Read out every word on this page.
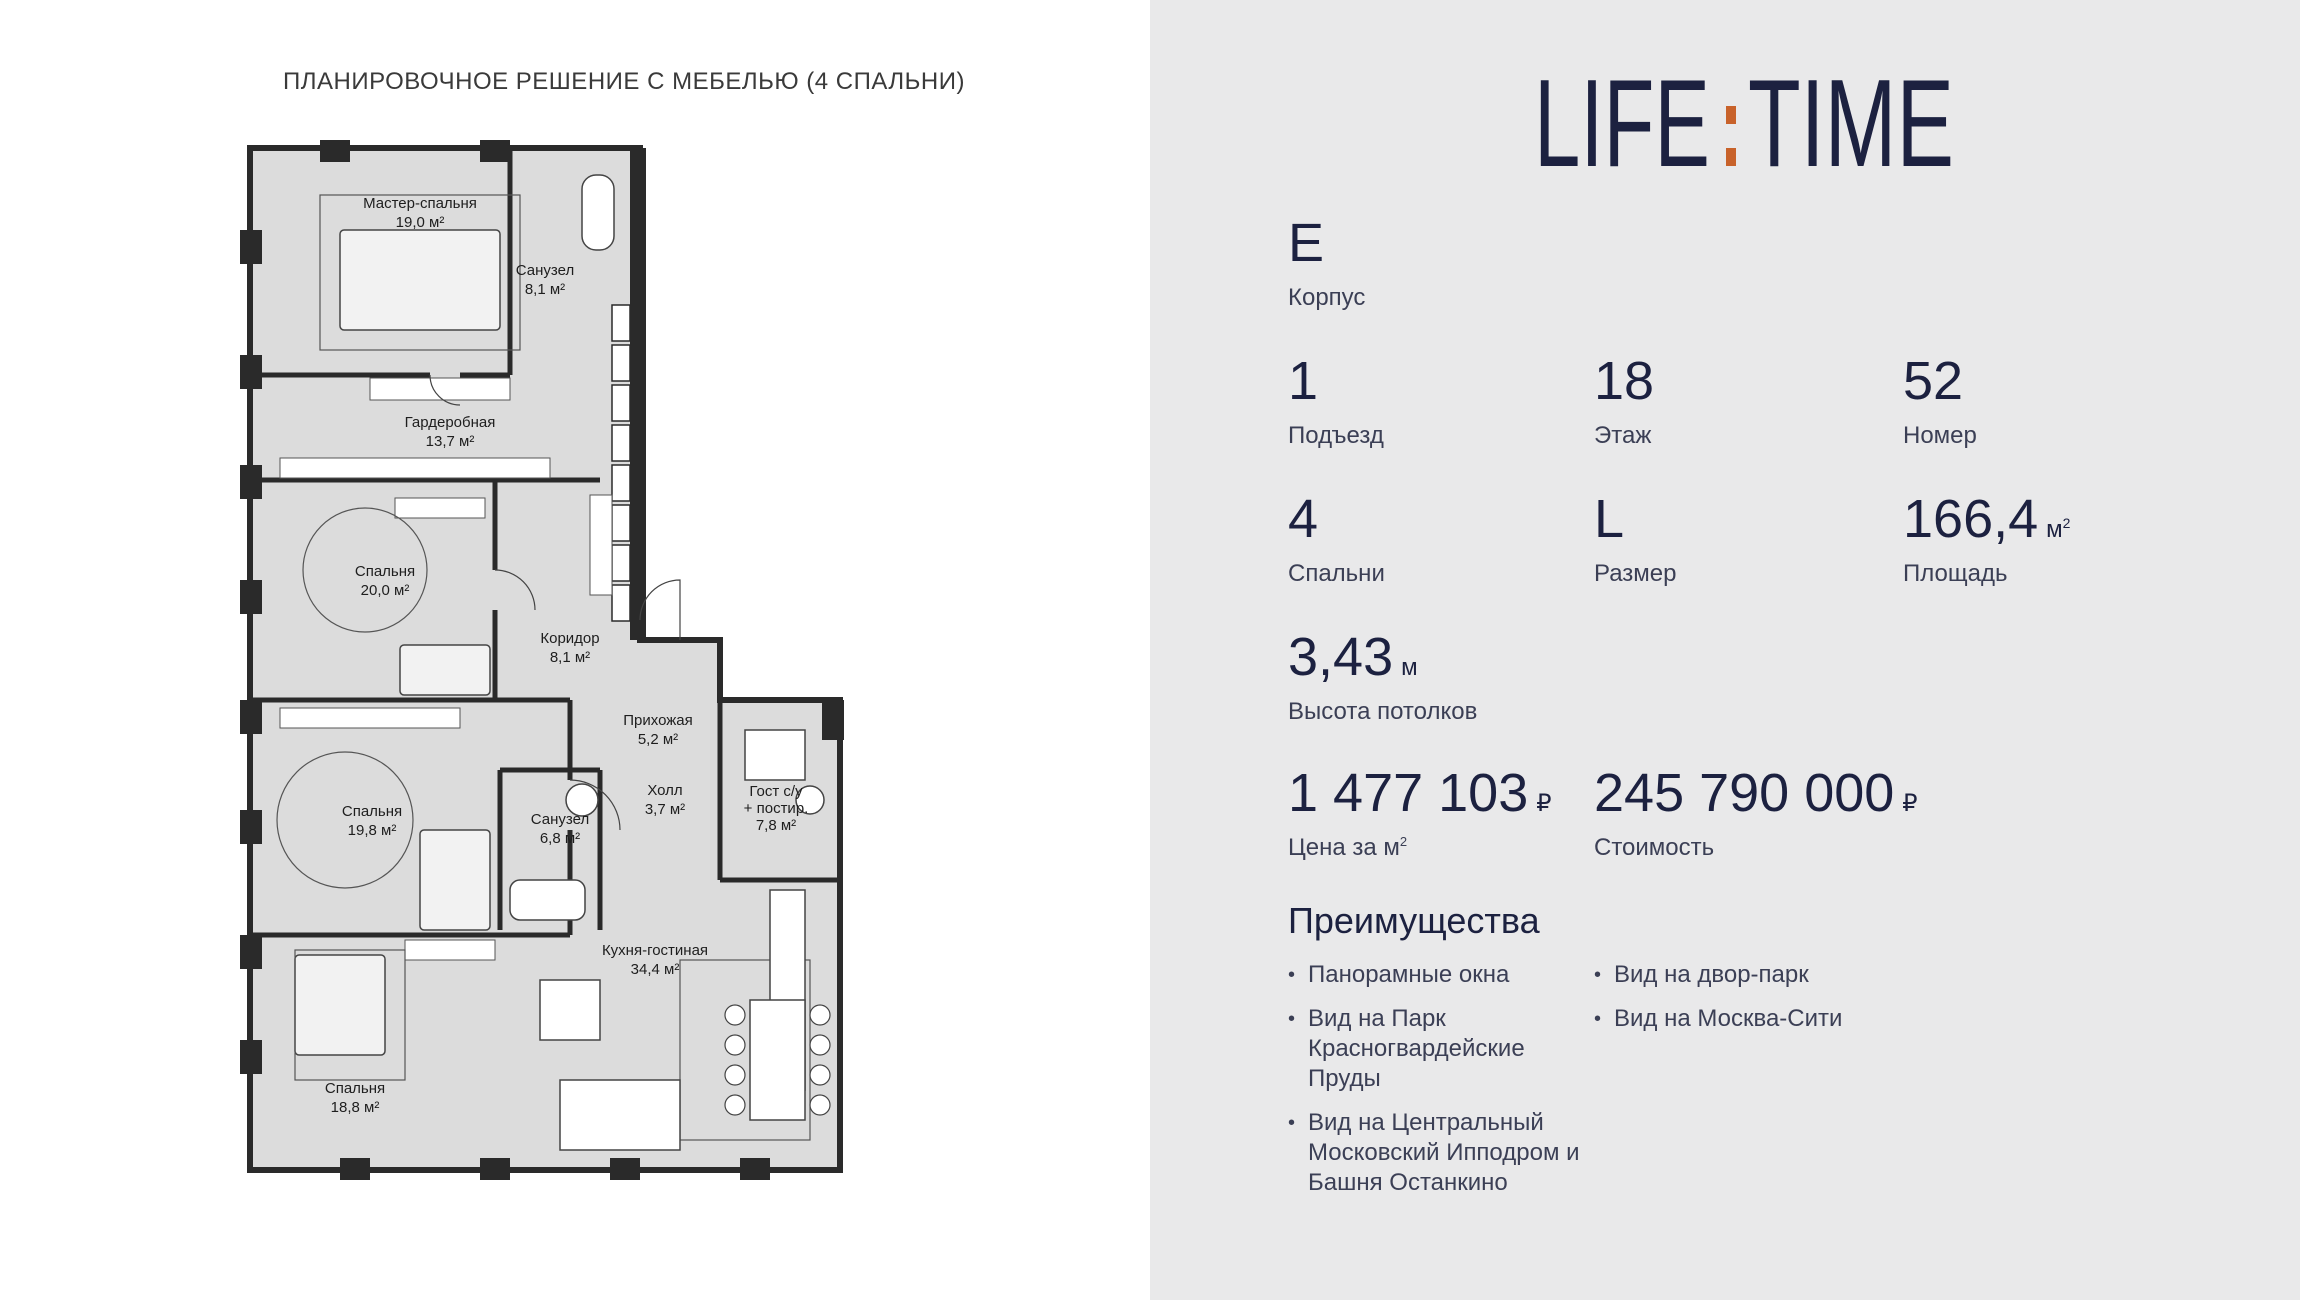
ПЛАНИРОВОЧНОЕ РЕШЕНИЕ С МЕБЕЛЬЮ (4 СПАЛЬНИ)
Мастер-спальня
19,0 м²
Санузел
8,1 м²
Гардеробная
13,7 м²
Спальня
20,0 м²
Коридор
8,1 м²
Прихожая
5,2 м²
Спальня
19,8 м²
Санузел
6,8 м²
Холл
3,7 м²
Гост с/у
+ постир.
7,8 м²
Кухня-гостиная
34,4 м²
Спальня
18,8 м²
LIFE TIME
E
Корпус
1
Подъезд
18
Этаж
52
Номер
4
Спальни
L
Размер
166,4 $м^2$
Площадь
3,43 м
Высота потолков
1 477 103 ₽
Цена за $м^2$
245 790 000 ₽
Стоимость
Преимущества
• Панорамные окна
• Вид на Парк Красногвардейские Пруды
• Вид на Центральный Московский Ипподром и Башня Останкино
• Вид на двор-парк
• Вид на Москва-Сити
